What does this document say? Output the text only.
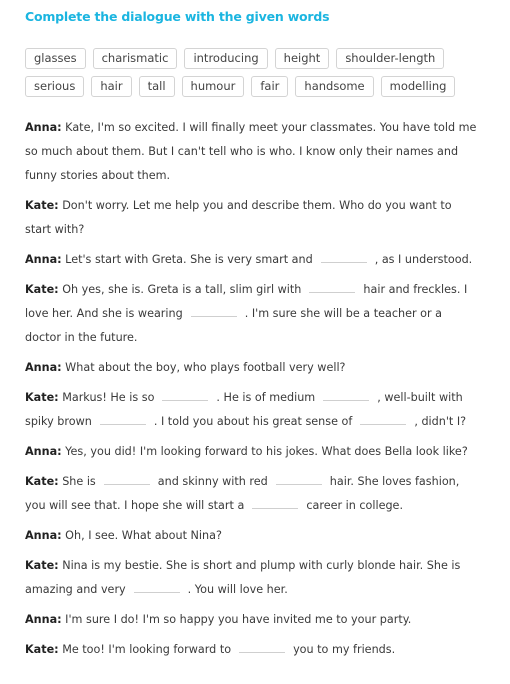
Complete the dialogue with the given words
glasses	charismatic	introducing	height	shoulder-length
serious	hair	tall	humour	fair	handsome	modelling

Anna: Kate, I'm so excited. I will finally meet your classmates. You have told me so much about them. But I can't tell who is who. I know only their names and funny stories about them.

Kate: Don't worry. Let me help you and describe them. Who do you want to start with?

Anna: Let's start with Greta. She is very smart and	, as I understood.

Kate: Oh yes, she is. Greta is a tall, slim girl with	hair and freckles. I love her. And she is wearing	. I'm sure she will be a teacher or a doctor in the future.

Anna: What about the boy, who plays football very well?

Kate: Markus! He is so	. He is of medium	, well-built with spiky brown	. I told you about his great sense of	, didn't I?

Anna: Yes, you did! I'm looking forward to his jokes. What does Bella look like?

Kate: She is	and skinny with red	hair. She loves fashion, you will see that. I hope she will start a	career in college.

Anna: Oh, I see. What about Nina?

Kate: Nina is my bestie. She is short and plump with curly blonde hair. She is amazing and very	. You will love her.

Anna: I'm sure I do! I'm so happy you have invited me to your party.

Kate: Me too! I'm looking forward to	you to my friends.
